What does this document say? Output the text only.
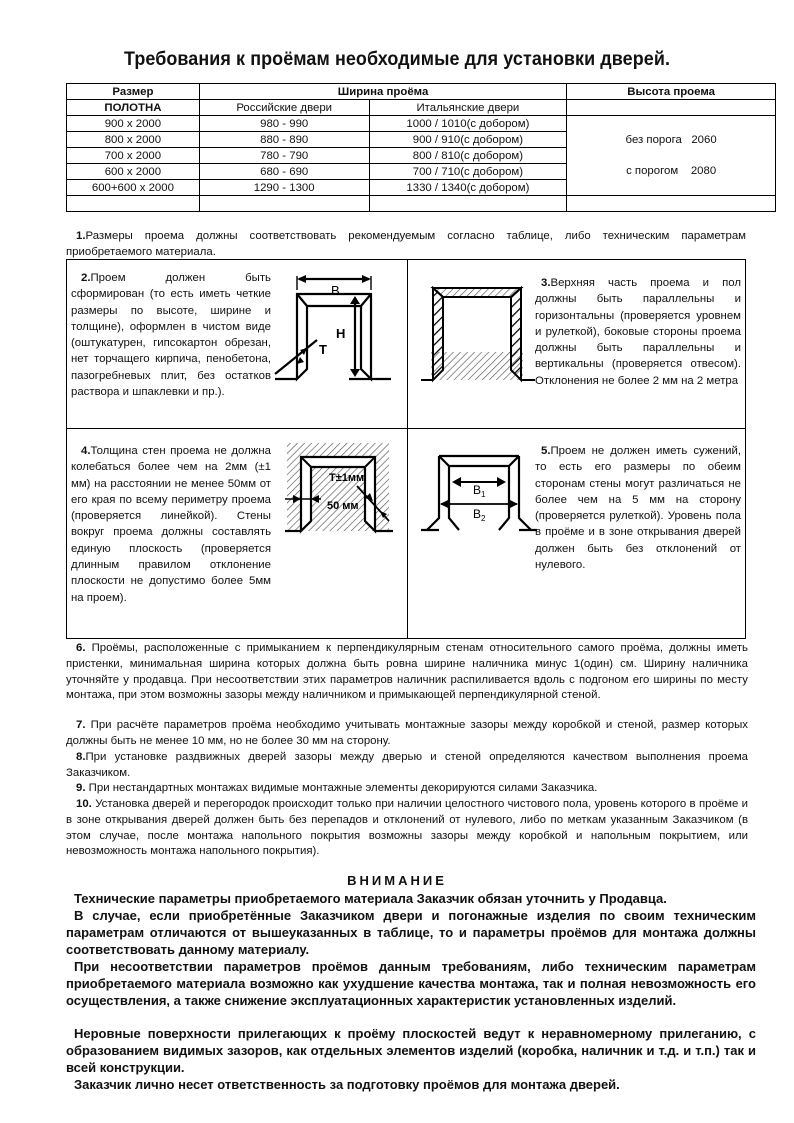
Требования к проёмам необходимые для установки дверей.
Размер	Ширина проёма		Высота проема
ПОЛОТНА	Российские двери	Итальянские двери	
900 x 2000	980 - 990	1000 / 1010(с добором)	без порога   2060
с порогом    2080

800 x 2000	880 - 890	900 / 910(с добором)	
700 x 2000	780 - 790	800 / 810(с добором)	
600 x 2000	680 - 690	700 / 710(с добором)	
600+600 x 2000	1290 - 1300	1330 / 1340(с добором)	

1.Размеры проема должны соответствовать рекомендуемым согласно таблице, либо техническим параметрам приобретаемого материала.
2.Проем должен быть сформирован (то есть иметь четкие размеры по высоте, ширине и толщине), оформлен в чистом виде (оштукатурен, гипсокартон обрезан, нет торчащего кирпича, пенобетона, пазогребневых плит, без остатков раствора и шпаклевки и пр.).
B
H
T
3.Верхняя часть проема и пол должны быть параллельны и горизонтальны (проверяется уровнем и рулеткой), боковые стороны проема должны быть параллельны и вертикальны (проверяется отвесом). Отклонения не более 2 мм на 2 метра
4.Толщина стен проема не должна колебаться более чем на 2мм (±1 мм) на расстоянии не менее 50мм от его края по всему периметру проема (проверяется линейкой). Стены вокруг проема должны составлять единую плоскость (проверяется длинным правилом отклонение плоскости не допустимо более 5мм на проем).
T±1мм
50 мм
$B_1$
$B_2$
5.Проем не должен иметь сужений, то есть его размеры по обеим сторонам стены могут различаться не более чем на 5 мм на сторону (проверяется рулеткой). Уровень пола в проёме и в зоне открывания дверей должен быть без отклонений от нулевого.
6. Проёмы, расположенные с примыканием к перпендикулярным стенам относительного самого проёма, должны иметь пристенки, минимальная ширина которых должна быть ровна ширине наличника минус 1(один) см. Ширину наличника уточняйте у продавца. При несоответствии этих параметров наличник распиливается вдоль с подгоном его ширины по месту монтажа, при этом возможны зазоры между наличником и примыкающей перпендикулярной стеной.
7. При расчёте параметров проёма необходимо учитывать монтажные зазоры между коробкой и стеной, размер которых должны быть не менее 10 мм, но не более 30 мм на сторону.
8.При установке раздвижных дверей зазоры между дверью и стеной определяются качеством выполнения проема Заказчиком.
9. При нестандартных монтажах видимые монтажные элементы декорируются силами Заказчика.
10. Установка дверей и перегородок происходит только при наличии целостного чистового пола, уровень которого в проёме и в зоне открывания дверей должен быть без перепадов и отклонений от нулевого, либо по меткам указанным Заказчиком (в этом случае, после монтажа напольного покрытия возможны зазоры между коробкой и напольным покрытием, или невозможность монтажа напольного покрытия).
ВНИМАНИЕ
Технические параметры приобретаемого материала Заказчик обязан уточнить у Продавца.
В случае, если приобретённые Заказчиком двери и погонажные изделия по своим техническим параметрам отличаются от вышеуказанных в таблице, то и параметры проёмов для монтажа должны соответствовать данному материалу.
При несоответствии параметров проёмов данным требованиям, либо техническим параметрам приобретаемого материала возможно как ухудшение качества монтажа, так и полная невозможность его осуществления, а также снижение эксплуатационных характеристик установленных изделий.
Неровные поверхности прилегающих к проёму плоскостей ведут к неравномерному прилеганию, с образованием видимых зазоров, как отдельных элементов изделий (коробка, наличник и т.д. и т.п.) так и всей конструкции.
Заказчик лично несет ответственность за подготовку проёмов для монтажа дверей.
